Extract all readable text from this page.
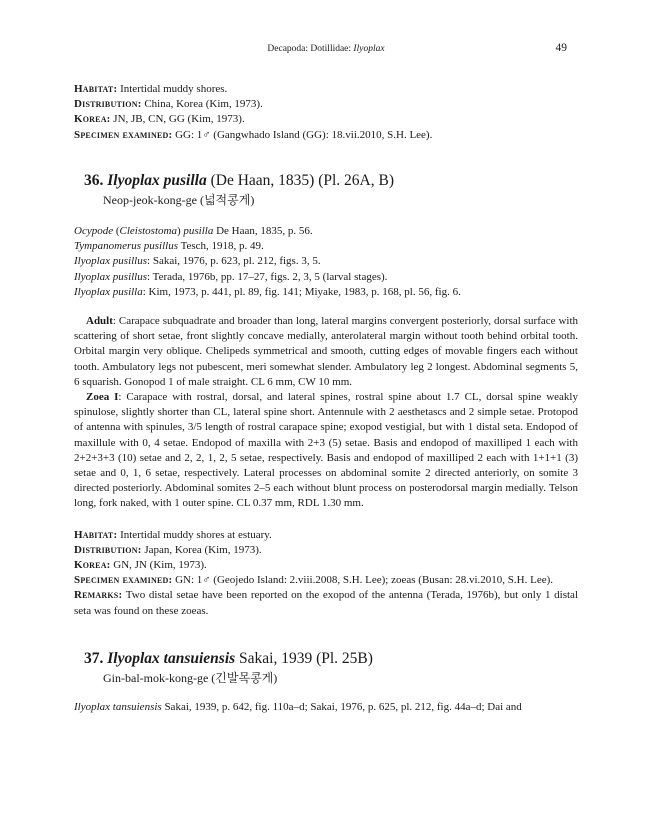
Decapoda: Dotillidae: Ilyoplax	49

Habitat: Intertidal muddy shores.

Distribution: China, Korea (Kim, 1973).

Korea: JN, JB, CN, GG (Kim, 1973).

Specimen examined: GG: 1♂ (Gangwhado Island (GG): 18.vii.2010, S.H. Lee).

36. Ilyoplax pusilla (De Haan, 1835) (Pl. 26A, B)
Neop-jeok-kong-ge (넓적콩게)

Ocypode (Cleistostoma) pusilla De Haan, 1835, p. 56.

Tympanomerus pusillus Tesch, 1918, p. 49.

Ilyoplax pusillus: Sakai, 1976, p. 623, pl. 212, figs. 3, 5.

Ilyoplax pusillus: Terada, 1976b, pp. 17–27, figs. 2, 3, 5 (larval stages).

Ilyoplax pusilla: Kim, 1973, p. 441, pl. 89, fig. 141; Miyake, 1983, p. 168, pl. 56, fig. 6.

Adult: Carapace subquadrate and broader than long, lateral margins convergent posteriorly, dorsal surface with scattering of short setae, front slightly concave medially, anterolateral margin without tooth behind orbital tooth. Orbital margin very oblique. Chelipeds symmetrical and smooth, cutting edges of movable fingers each without tooth. Ambulatory legs not pubescent, meri somewhat slender. Ambulatory leg 2 longest. Abdominal segments 5, 6 squarish. Gonopod 1 of male straight. CL 6 mm, CW 10 mm.

Zoea I: Carapace with rostral, dorsal, and lateral spines, rostral spine about 1.7 CL, dorsal spine weakly spinulose, slightly shorter than CL, lateral spine short. Antennule with 2 aesthetascs and 2 simple setae. Protopod of antenna with spinules, 3/5 length of rostral carapace spine; exopod vestigial, but with 1 distal seta. Endopod of maxillule with 0, 4 setae. Endopod of maxilla with 2+3 (5) setae. Basis and endopod of maxilliped 1 each with 2+2+3+3 (10) setae and 2, 2, 1, 2, 5 setae, respectively. Basis and endopod of maxilliped 2 each with 1+1+1 (3) setae and 0, 1, 6 setae, respectively. Lateral processes on abdominal somite 2 directed anteriorly, on somite 3 directed posteriorly. Abdominal somites 2–5 each without blunt process on posterodorsal margin medially. Telson long, fork naked, with 1 outer spine. CL 0.37 mm, RDL 1.30 mm.

Habitat: Intertidal muddy shores at estuary.

Distribution: Japan, Korea (Kim, 1973).

Korea: GN, JN (Kim, 1973).

Specimen examined: GN: 1♂ (Geojedo Island: 2.viii.2008, S.H. Lee); zoeas (Busan: 28.vi.2010, S.H. Lee).

Remarks: Two distal setae have been reported on the exopod of the antenna (Terada, 1976b), but only 1 distal seta was found on these zoeas.

37. Ilyoplax tansuiensis Sakai, 1939 (Pl. 25B)
Gin-bal-mok-kong-ge (긴발목콩게)

Ilyoplax tansuiensis Sakai, 1939, p. 642, fig. 110a–d; Sakai, 1976, p. 625, pl. 212, fig. 44a–d; Dai and
